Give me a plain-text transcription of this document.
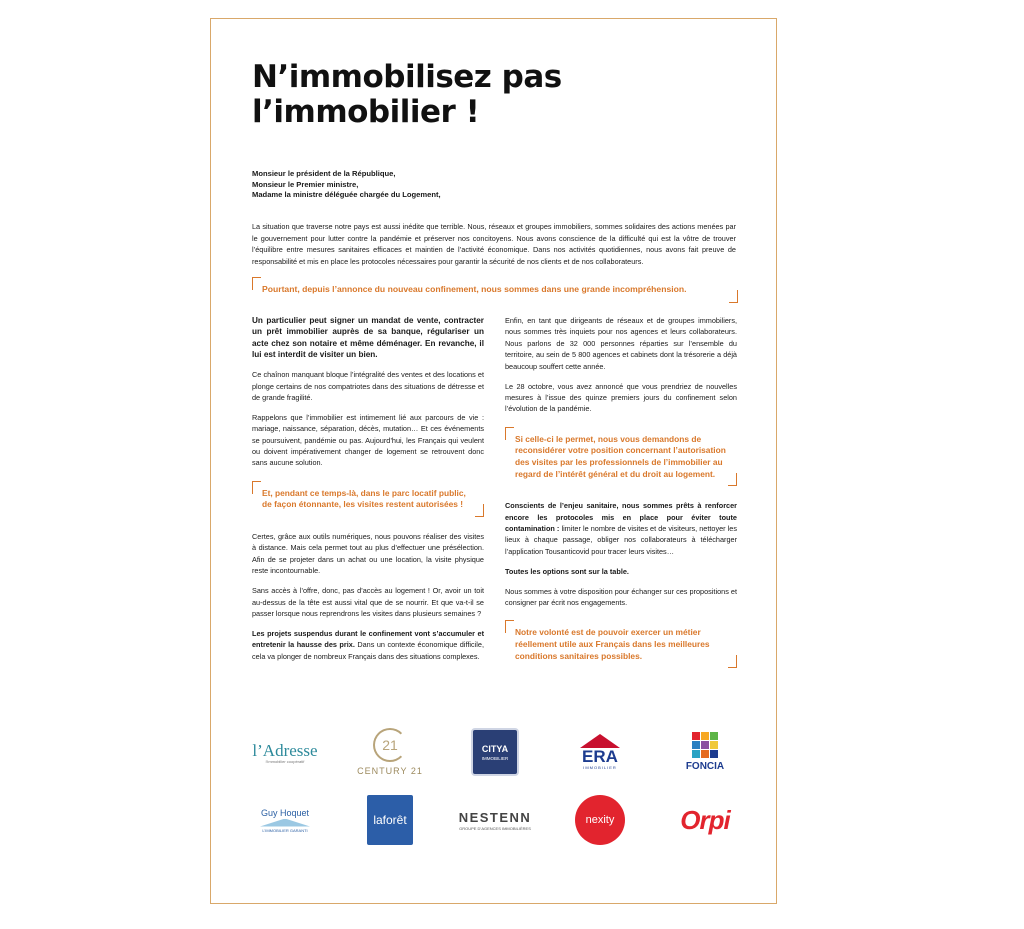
N’immobilisez pas
l’immobilier !
Monsieur le président de la République,
Monsieur le Premier ministre,
Madame la ministre déléguée chargée du Logement,

La situation que traverse notre pays est aussi inédite que terrible. Nous, réseaux et groupes immobiliers, sommes solidaires des actions menées par le gouvernement pour lutter contre la pandémie et préserver nos concitoyens. Nous avons conscience de la difficulté qui est la vôtre de trouver l’équilibre entre mesures sanitaires efficaces et maintien de l’activité économique. Dans nos activités quotidiennes, nous avons fait preuve de responsabilité et mis en place les protocoles nécessaires pour garantir la sécurité de nos clients et de nos collaborateurs.

Pourtant, depuis l’annonce du nouveau confinement, nous sommes dans une grande incompréhension.

Un particulier peut signer un mandat de vente, contracter un prêt immobilier auprès de sa banque, régulariser un acte chez son notaire et même déménager. En revanche, il lui est interdit de visiter un bien.

Ce chaînon manquant bloque l’intégralité des ventes et des locations et plonge certains de nos compatriotes dans des situations de détresse et de grande fragilité.

Rappelons que l’immobilier est intimement lié aux parcours de vie : mariage, naissance, séparation, décès, mutation… Et ces événements se poursuivent, pandémie ou pas. Aujourd’hui, les Français qui veulent ou doivent impérativement changer de logement se retrouvent donc sans aucune solution.

Et, pendant ce temps-là, dans le parc locatif public, de façon étonnante, les visites restent autorisées !

Certes, grâce aux outils numériques, nous pouvons réaliser des visites à distance. Mais cela permet tout au plus d’effectuer une présélection. Afin de se projeter dans un achat ou une location, la visite physique reste incontournable.

Sans accès à l’offre, donc, pas d’accès au logement ! Or, avoir un toit au-dessus de la tête est aussi vital que de se nourrir. Et que va-t-il se passer lorsque nous reprendrons les visites dans plusieurs semaines ?

Les projets suspendus durant le confinement vont s’accumuler et entretenir la hausse des prix. Dans un contexte économique difficile, cela va plonger de nombreux Français dans des situations complexes.

Enfin, en tant que dirigeants de réseaux et de groupes immobiliers, nous sommes très inquiets pour nos agences et leurs collaborateurs. Nous parlons de 32 000 personnes réparties sur l’ensemble du territoire, au sein de 5 800 agences et cabinets dont la trésorerie a déjà beaucoup souffert cette année.

Le 28 octobre, vous avez annoncé que vous prendriez de nouvelles mesures à l’issue des quinze premiers jours du confinement selon l’évolution de la pandémie.

Si celle-ci le permet, nous vous demandons de reconsidérer votre position concernant l’autorisation des visites par les professionnels de l’immobilier au regard de l’intérêt général et du droit au logement.

Conscients de l’enjeu sanitaire, nous sommes prêts à renforcer encore les protocoles mis en place pour éviter toute contamination : limiter le nombre de visites et de visiteurs, nettoyer les lieux à chaque passage, obliger nos collaborateurs à télécharger l’application Tousanticovid pour tracer leurs visites…

Toutes les options sont sur la table.

Nous sommes à votre disposition pour échanger sur ces propositions et consigner par écrit nos engagements.

Notre volonté est de pouvoir exercer un métier réellement utile aux Français dans les meilleures conditions sanitaires possibles.
l’Adresse
l’immobilier coopératif
21
CENTURY 21
CITYA
IMMOBILIER	ERA
IMMOBILIER	FONCIA
Guy Hoquet
L’IMMOBILIER GARANTI
laforêt	NESTENN
GROUPE D’AGENCES IMMOBILIÈRES
nexity	Orpi
